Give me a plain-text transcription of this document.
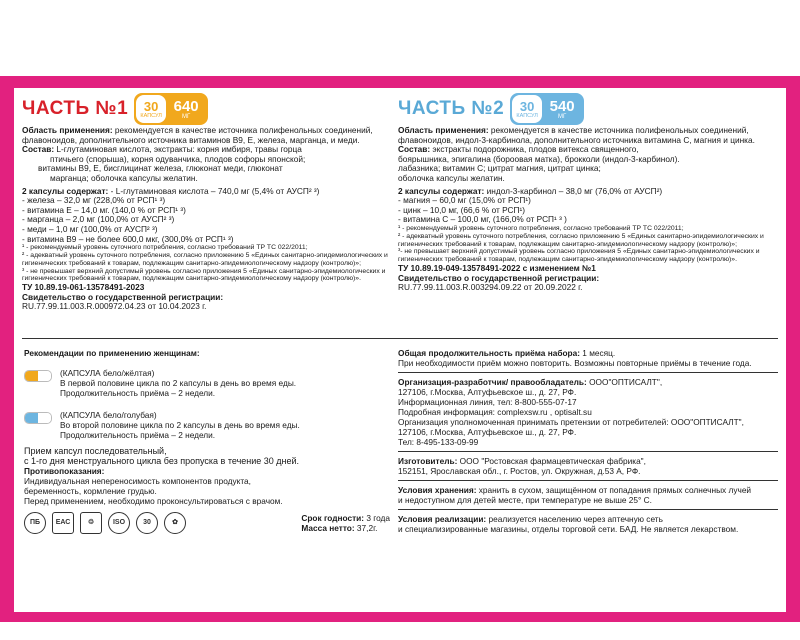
ЧАСТЬ №1 30
КАПСУЛ
640
МГ

Область применения: рекомендуется в качестве источника полифенольных соединений, флавоноидов, дополнительного источника витаминов В9, Е, железа, марганца, и меди.

Состав: L-глутаминовая кислота, экстракты: корня имбиря, травы горца

птичьего (спорыша), корня одуванчика, плодов софоры японской;

витамины В9, Е, бисглицинат железа, глюконат меди, глюконат

марганца; оболочка капсулы желатин.

2 капсулы содержат: - L-глутаминовая кислота – 740,0 мг (5,4% от АУСП² ³)

- железа – 32,0 мг (228,0% от РСП¹ ³)

- витамина Е – 14,0 мг. (140,0 % от РСП¹ ³)

- марганца – 2,0 мг (100,0% от АУСП² ³)

- меди – 1,0 мг (100,0% от АУСП² ³)

- витамина В9 – не более 600,0 мкг, (300,0% от РСП¹ ³)

¹ - рекомендуемый уровень суточного потребления, согласно требований ТР ТС 022/2011;

² - адекватный уровень суточного потребления, согласно приложению 5 «Единых санитарно-эпидемиологических и гигиенических требований к товарам, подлежащим санитарно-эпидемиологическому надзору (контролю)»;

³ - не превышает верхний допустимый уровень согласно приложения 5 «Единых санитарно-эпидемиологических и гигиенических требований к товарам, подлежащим санитарно-эпидемиологическому надзору (контролю)».

ТУ 10.89.19-061-13578491-2023

Свидетельство о государственной регистрации:

RU.77.99.11.003.R.000972.04.23 от 10.04.2023 г.

ЧАСТЬ №2 30
КАПСУЛ
540
МГ

Область применения: рекомендуется в качестве источника полифенольных соединений, флавоноидов, индол-3-карбинола, дополнительного источника витамина С, магния и цинка.

Состав: экстракты подорожника, плодов витекса священного,

боярышника, эпигалина (бороовая матка), брокколи (индол-3-карбинол).

лабазника; витамин С; цитрат магния, цитрат цинка;

оболочка капсулы желатин.

2 капсулы содержат: индол-3-карбинол – 38,0 мг (76,0% от АУСП²)

- магния – 60,0 мг (15,0% от РСП¹)

- цинк – 10,0 мг, (66,6 % от РСП¹)

- витамина С – 100,0 мг, (166,0% от РСП¹ ³ )

¹ - рекомендуемый уровень суточного потребления, согласно требований ТР ТС 022/2011;

² - адекватный уровень суточного потребления, согласно приложению 5 «Единых санитарно-эпидемиологических и гигиенических требований к товарам, подлежащим санитарно-эпидемиологическому надзору (контролю)»;

³- не превышает верхний допустимый уровень согласно приложения 5 «Единых санитарно-эпидемиологических и гигиенических требований к товарам, подлежащим санитарно-эпидемиологическому надзору (контролю)».

ТУ 10.89.19-049-13578491-2022 с изменением №1

Свидетельство о государственной регистрации:

RU.77.99.11.003.R.003294.09.22 от 20.09.2022 г.

Рекомендации по применению женщинам:

(КАПСУЛА бело/жёлтая)

В первой половине цикла по 2 капсулы в день во время еды.

Продолжительность приёма – 2 недели.

(КАПСУЛА бело/голубая)

Во второй половине цикла по 2 капсулы в день во время еды.

Продолжительность приёма – 2 недели.

Прием капсул последовательный,

с 1-го дня менструального цикла без пропуска в течение 30 дней.

Противопоказания:

Индивидуальная непереносимость компонентов продукта,

беременность, кормление грудью.

Перед применением, необходимо проконсультироваться с врачом.

ПБ	ЕАС	♲	ISO	30	✿	Срок годности: 3 года

Масса нетто: 37,2г.

Общая продолжительность приёма набора: 1 месяц.

При необходимости приём можно повторить. Возможны повторные приёмы в течение года.

Организация-разработчик/ правообладатель: ООО"ОПТИСАЛТ",

127106, г.Москва, Алтуфьевское ш., д. 27, РФ.

Информационная линия, тел: 8-800-555-07-17

Подробная информация: complexsw.ru , optisalt.su

Организация уполномоченная принимать претензии от потребителей: ООО"ОПТИСАЛТ",

127106, г.Москва, Алтуфьевское ш., д. 27, РФ.

Тел: 8-495-133-09-99

Изготовитель: ООО "Ростовская фармацевтическая фабрика",

152151, Ярославская обл., г. Ростов, ул. Окружная, д.53 А, РФ.

Условия хранения: хранить в сухом, защищённом от попадания прямых солнечных лучей

и недоступном для детей месте, при температуре не выше 25° С.

Условия реализации: реализуется населению через аптечную сеть

и специализированные магазины, отделы торговой сети. БАД. Не является лекарством.
